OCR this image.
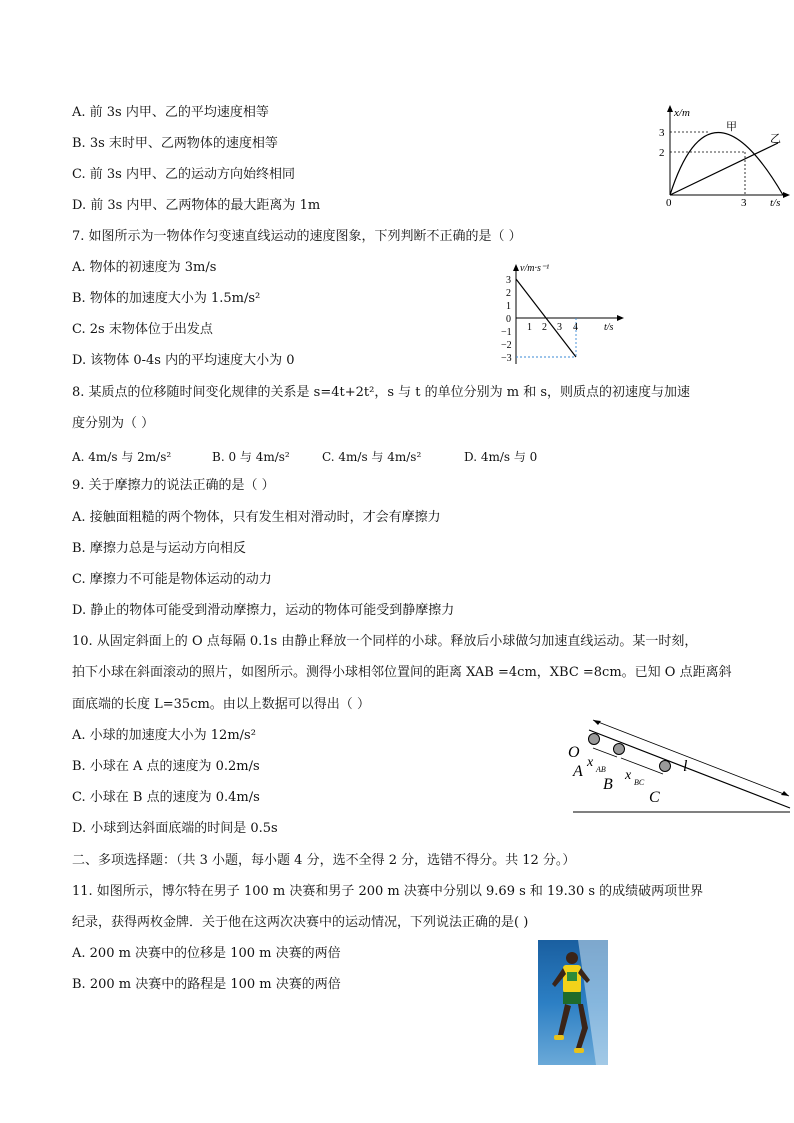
A. 前 3s 内甲、乙的平均速度相等
B. 3s 末时甲、乙两物体的速度相等
C. 前 3s 内甲、乙的运动方向始终相同
D. 前 3s 内甲、乙两物体的最大距离为 1m
x/m
t/s
甲
乙
3
2
0	3
7. 如图所示为一物体作匀变速直线运动的速度图象，下列判断不正确的是（ ）
A. 物体的初速度为 3m/s
B. 物体的加速度大小为 1.5m/s²
C. 2s 末物体位于出发点
D. 该物体 0-4s 内的平均速度大小为 0
v/m·s⁻¹
t/s
3
2
1
0
−1
−2
−3
1 2 3 4
8. 某质点的位移随时间变化规律的关系是 s=4t+2t²，s 与 t 的单位分别为 m 和 s，则质点的初速度与加速
度分别为（ ）
A. 4m/s 与 2m/s²	B. 0 与 4m/s²	C. 4m/s 与 4m/s²	D. 4m/s 与 0
9. 关于摩擦力的说法正确的是（ ）
A. 接触面粗糙的两个物体，只有发生相对滑动时，才会有摩擦力
B. 摩擦力总是与运动方向相反
C. 摩擦力不可能是物体运动的动力
D. 静止的物体可能受到滑动摩擦力，运动的物体可能受到静摩擦力
10. 从固定斜面上的 O 点每隔 0.1s 由静止释放一个同样的小球。释放后小球做匀加速直线运动。某一时刻，
拍下小球在斜面滚动的照片，如图所示。测得小球相邻位置间的距离 XAB =4cm，XBC =8cm。已知 O 点距离斜
面底端的长度 L=35cm。由以上数据可以得出（ ）
A. 小球的加速度大小为 12m/s²
B. 小球在 A 点的速度为 0.2m/s
C. 小球在 B 点的速度为 0.4m/s
D. 小球到达斜面底端的时间是 0.5s
O
A
B
C
l
x AB x BC
二、多项选择题：（共 3 小题，每小题 4 分，选不全得 2 分，选错不得分。共 12 分。）
11. 如图所示，博尔特在男子 100 m 决赛和男子 200 m 决赛中分别以 9.69 s 和 19.30 s 的成绩破两项世界
纪录，获得两枚金牌．关于他在这两次决赛中的运动情况，下列说法正确的是( )
A. 200 m 决赛中的位移是 100 m 决赛的两倍
B. 200 m 决赛中的路程是 100 m 决赛的两倍
